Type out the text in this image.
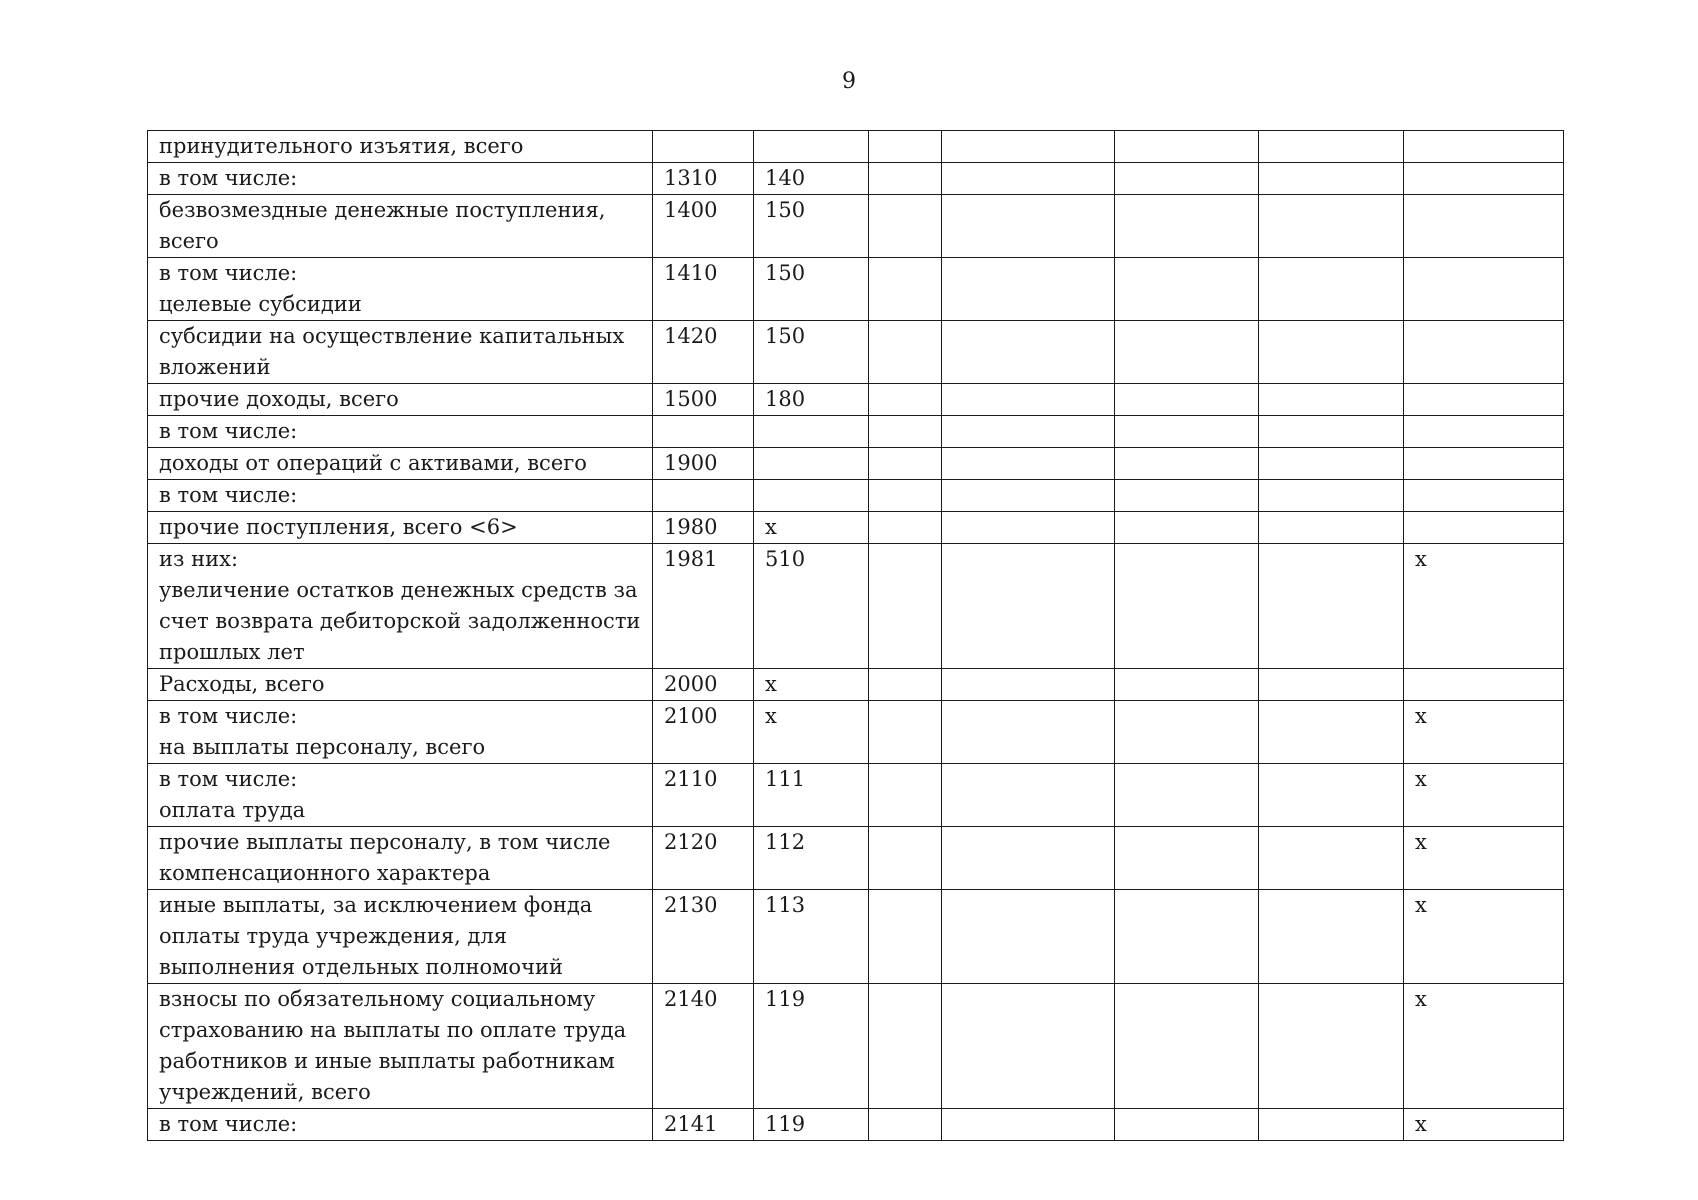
9
принудительного изъятия, всего							
в том числе:	1310	140					
безвозмездные денежные поступления,
всего	1400	150					
в том числе:
целевые субсидии	1410	150					
субсидии на осуществление капитальных
вложений	1420	150					
прочие доходы, всего	1500	180					
в том числе:							
доходы от операций с активами, всего	1900						
в том числе:							
прочие поступления, всего <6>	1980	х					
из них:
увеличение остатков денежных средств за
счет возврата дебиторской задолженности
прошлых лет	1981	510					х
Расходы, всего	2000	х					
в том числе:
на выплаты персоналу, всего	2100	х					х
в том числе:
оплата труда	2110	111					х
прочие выплаты персоналу, в том числе
компенсационного характера	2120	112					х
иные выплаты, за исключением фонда
оплаты труда учреждения, для
выполнения отдельных полномочий	2130	113					х
взносы по обязательному социальному
страхованию на выплаты по оплате труда
работников и иные выплаты работникам
учреждений, всего	2140	119					х
в том числе:	2141	119					х
